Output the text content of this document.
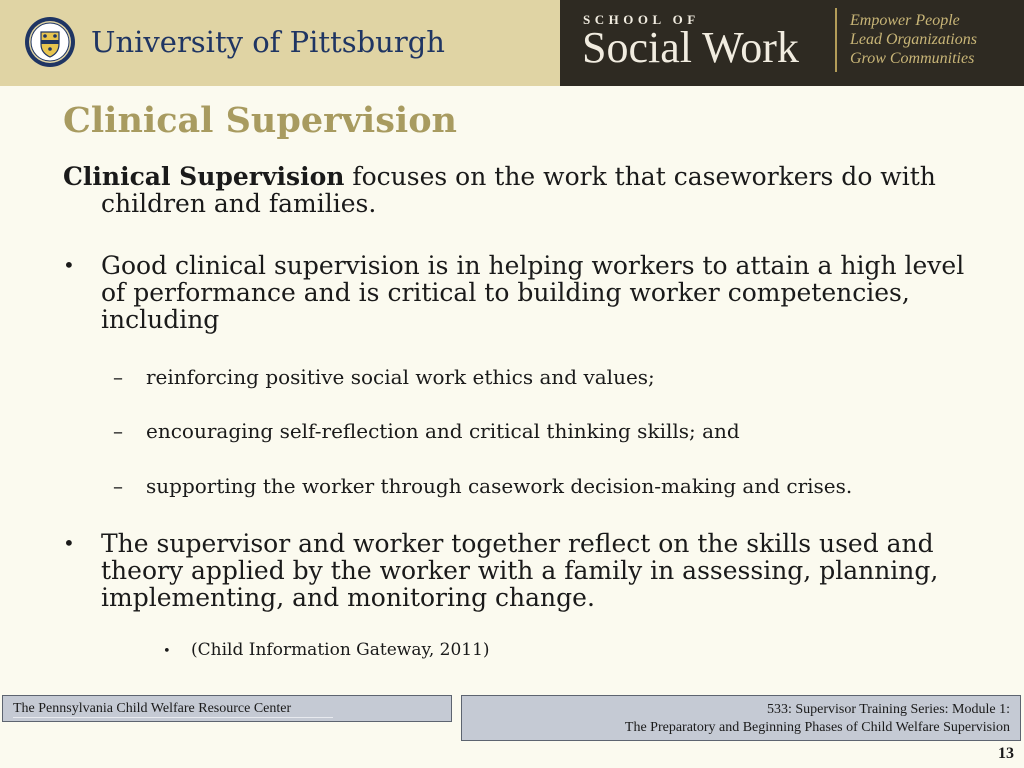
University of Pittsburgh
SCHOOL OF
Social Work
Empower People
Lead Organizations
Grow Communities
Clinical Supervision
Clinical Supervision focuses on the work that caseworkers do with
children and families.
•	Good clinical supervision is in helping workers to attain a high level of performance and is critical to building worker competencies, including
– reinforcing positive social work ethics and values;
– encouraging self-reflection and critical thinking skills; and
– supporting the worker through casework decision-making and crises.
•	The supervisor and worker together reflect on the skills used and theory applied by the worker with a family in assessing, planning, implementing, and monitoring change.
• (Child Information Gateway, 2011)
The Pennsylvania Child Welfare Resource Center	533: Supervisor Training Series: Module 1:
The Preparatory and Beginning Phases of Child Welfare Supervision
13
